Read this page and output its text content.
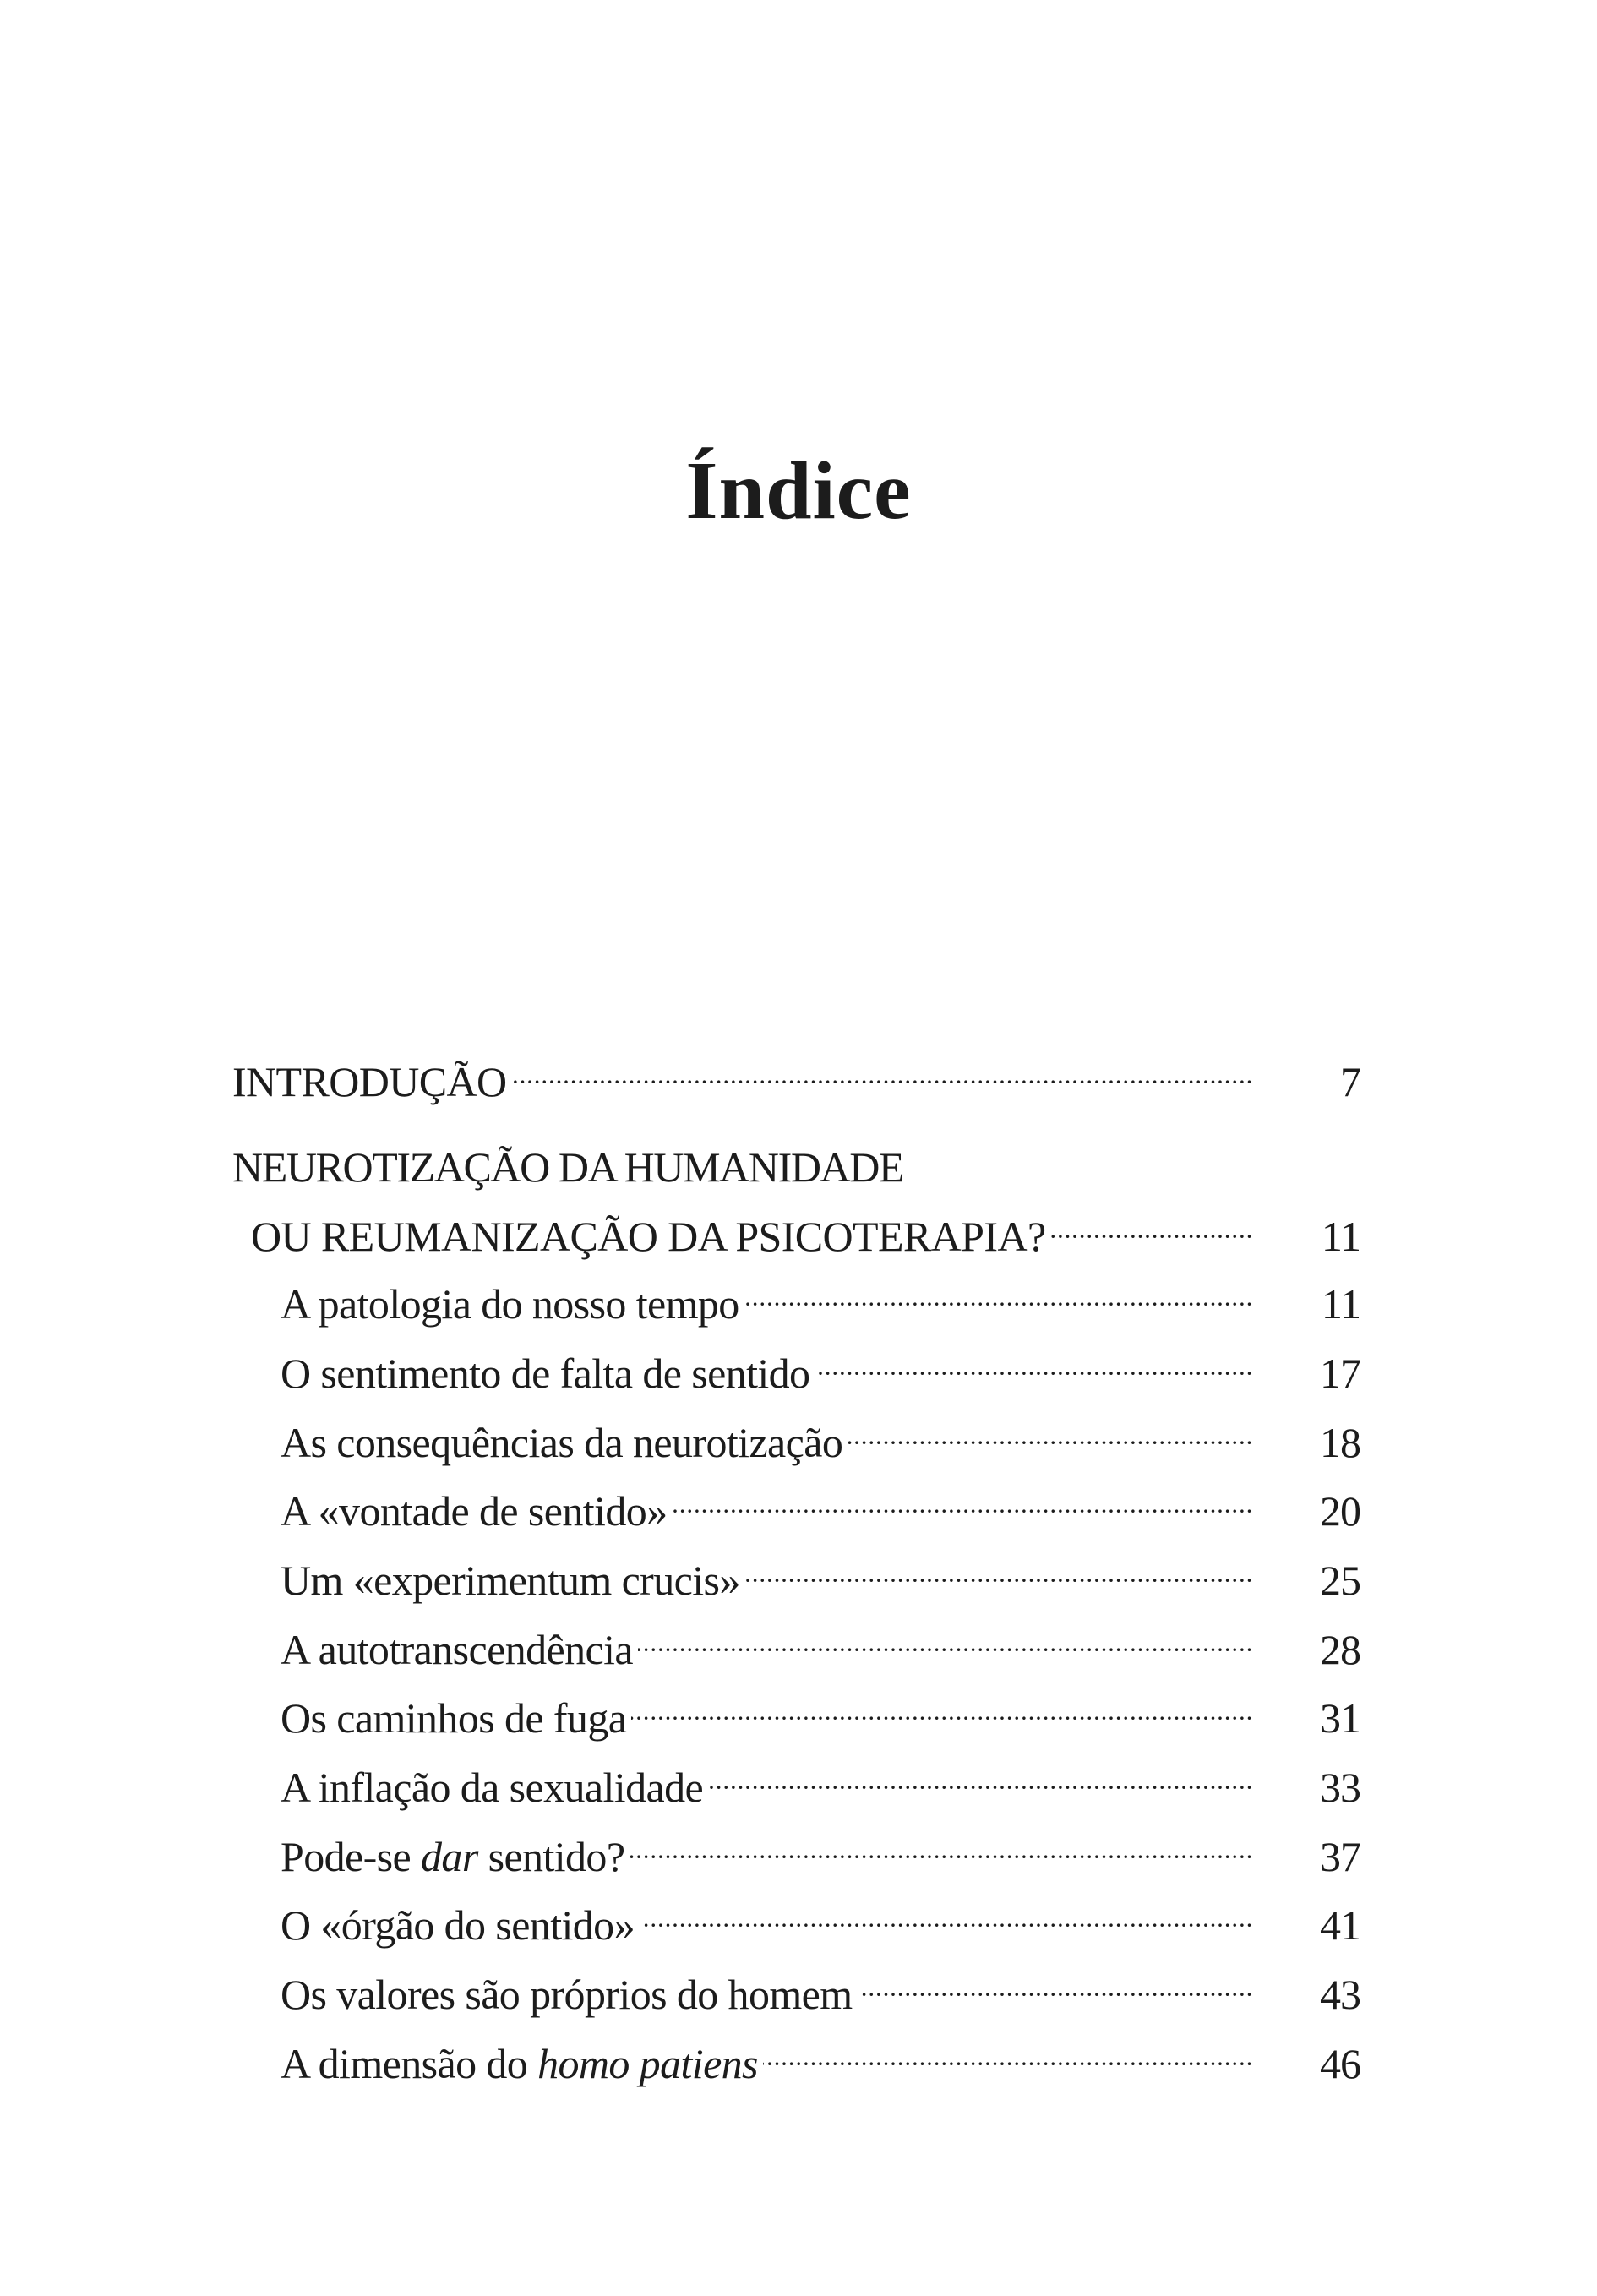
Índice
INTRODUÇÃO . . .	7
NEUROTIZAÇÃO DA HUMANIDADE
OU REUMANIZAÇÃO DA PSICOTERAPIA? . . .	11
A patologia do nosso tempo . . .	11
O sentimento de falta de sentido . . .	17
As consequências da neurotização . . .	18
A «vontade de sentido» . . .	20
Um «experimentum crucis» . . .	25
A autotranscendência . . .	28
Os caminhos de fuga . . .	31
A inflação da sexualidade . . .	33
Pode-se dar sentido? . . .	37
O «órgão do sentido» . . .	41
Os valores são próprios do homem . . .	43
A dimensão do homo patiens . . .	46
